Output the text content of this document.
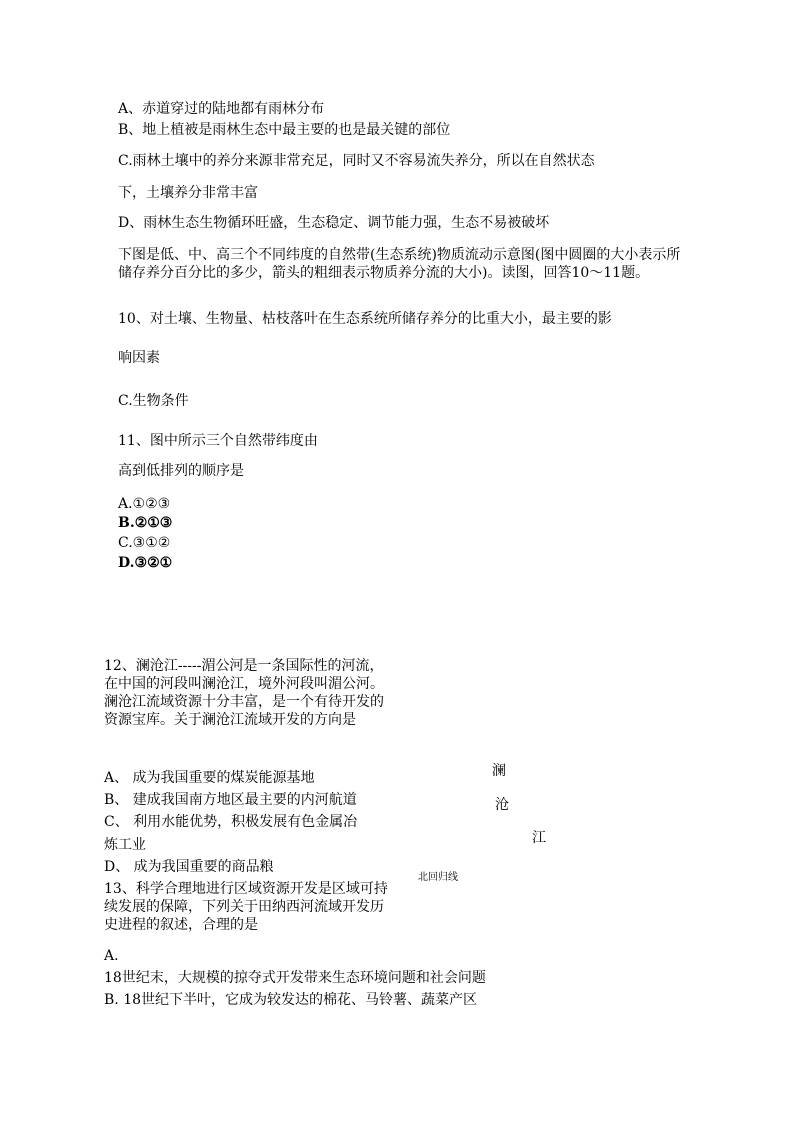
A、赤道穿过的陆地都有雨林分布
B、地上植被是雨林生态中最主要的也是最关键的部位
C.雨林土壤中的养分来源非常充足，同时又不容易流失养分，所以在自然状态
下，土壤养分非常丰富
D、雨林生态生物循环旺盛，生态稳定、调节能力强，生态不易被破坏
下图是低、中、高三个不同纬度的自然带(生态系统)物质流动示意图(图中圆圈的大小表示所储存养分百分比的多少，箭头的粗细表示物质养分流的大小)。读图，回答10～11题。
10、对土壤、生物量、枯枝落叶在生态系统所储存养分的比重大小，最主要的影
响因素
C.生物条件
11、图中所示三个自然带纬度由
高到低排列的顺序是
A.①②③
B.②①③
C.③①②
D.③②①
12、澜沧江-----湄公河是一条国际性的河流，在中国的河段叫澜沧江，境外河段叫湄公河。澜沧江流域资源十分丰富，是一个有待开发的资源宝库。关于澜沧江流域开发的方向是
A、 成为我国重要的煤炭能源基地
B、 建成我国南方地区最主要的内河航道
C、 利用水能优势，积极发展有色金属冶
炼工业
D、 成为我国重要的商品粮
澜
沧
江
北回归线
13、科学合理地进行区域资源开发是区域可持续发展的保障，下列关于田纳西河流域开发历史进程的叙述，合理的是
A.
18世纪末，大规模的掠夺式开发带来生态环境问题和社会问题
B. 18世纪下半叶，它成为较发达的棉花、马铃薯、蔬菜产区
